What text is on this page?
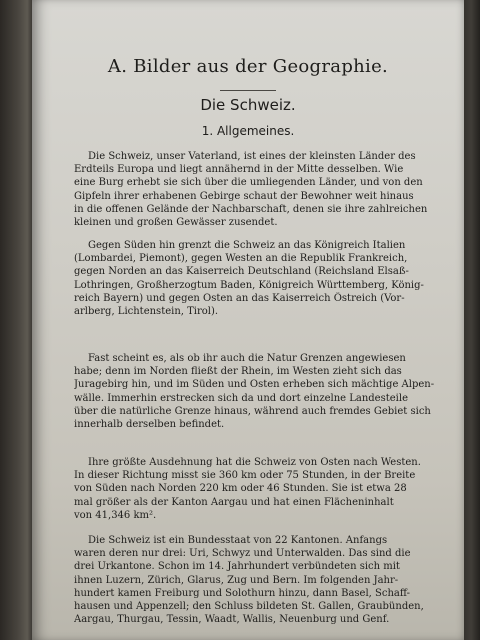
A. Bilder aus der Geographie.
Die Schweiz.
1. Allgemeines.
Die Schweiz, unser Vaterland, ist eines der kleinsten Länder des
Erdteils Europa und liegt annähernd in der Mitte desselben. Wie
eine Burg erhebt sie sich über die umliegenden Länder, und von den
Gipfeln ihrer erhabenen Gebirge schaut der Bewohner weit hinaus
in die offenen Gelände der Nachbarschaft, denen sie ihre zahlreichen
kleinen und großen Gewässer zusendet.
Gegen Süden hin grenzt die Schweiz an das Königreich Italien
(Lombardei, Piemont), gegen Westen an die Republik Frankreich,
gegen Norden an das Kaiserreich Deutschland (Reichsland Elsaß-
Lothringen, Großherzogtum Baden, Königreich Württemberg, König-
reich Bayern) und gegen Osten an das Kaiserreich Östreich (Vor-
arlberg, Lichtenstein, Tirol).
Fast scheint es, als ob ihr auch die Natur Grenzen angewiesen
habe; denn im Norden fließt der Rhein, im Westen zieht sich das
Juragebirg hin, und im Süden und Osten erheben sich mächtige Alpen-
wälle. Immerhin erstrecken sich da und dort einzelne Landesteile
über die natürliche Grenze hinaus, während auch fremdes Gebiet sich
innerhalb derselben befindet.
Ihre größte Ausdehnung hat die Schweiz von Osten nach Westen.
In dieser Richtung misst sie 360 km oder 75 Stunden, in der Breite
von Süden nach Norden 220 km oder 46 Stunden. Sie ist etwa 28
mal größer als der Kanton Aargau und hat einen Flächeninhalt
von 41,346 km².
Die Schweiz ist ein Bundesstaat von 22 Kantonen. Anfangs
waren deren nur drei: Uri, Schwyz und Unterwalden. Das sind die
drei Urkantone. Schon im 14. Jahrhundert verbündeten sich mit
ihnen Luzern, Zürich, Glarus, Zug und Bern. Im folgenden Jahr-
hundert kamen Freiburg und Solothurn hinzu, dann Basel, Schaff-
hausen und Appenzell; den Schluss bildeten St. Gallen, Graubünden,
Aargau, Thurgau, Tessin, Waadt, Wallis, Neuenburg und Genf.
